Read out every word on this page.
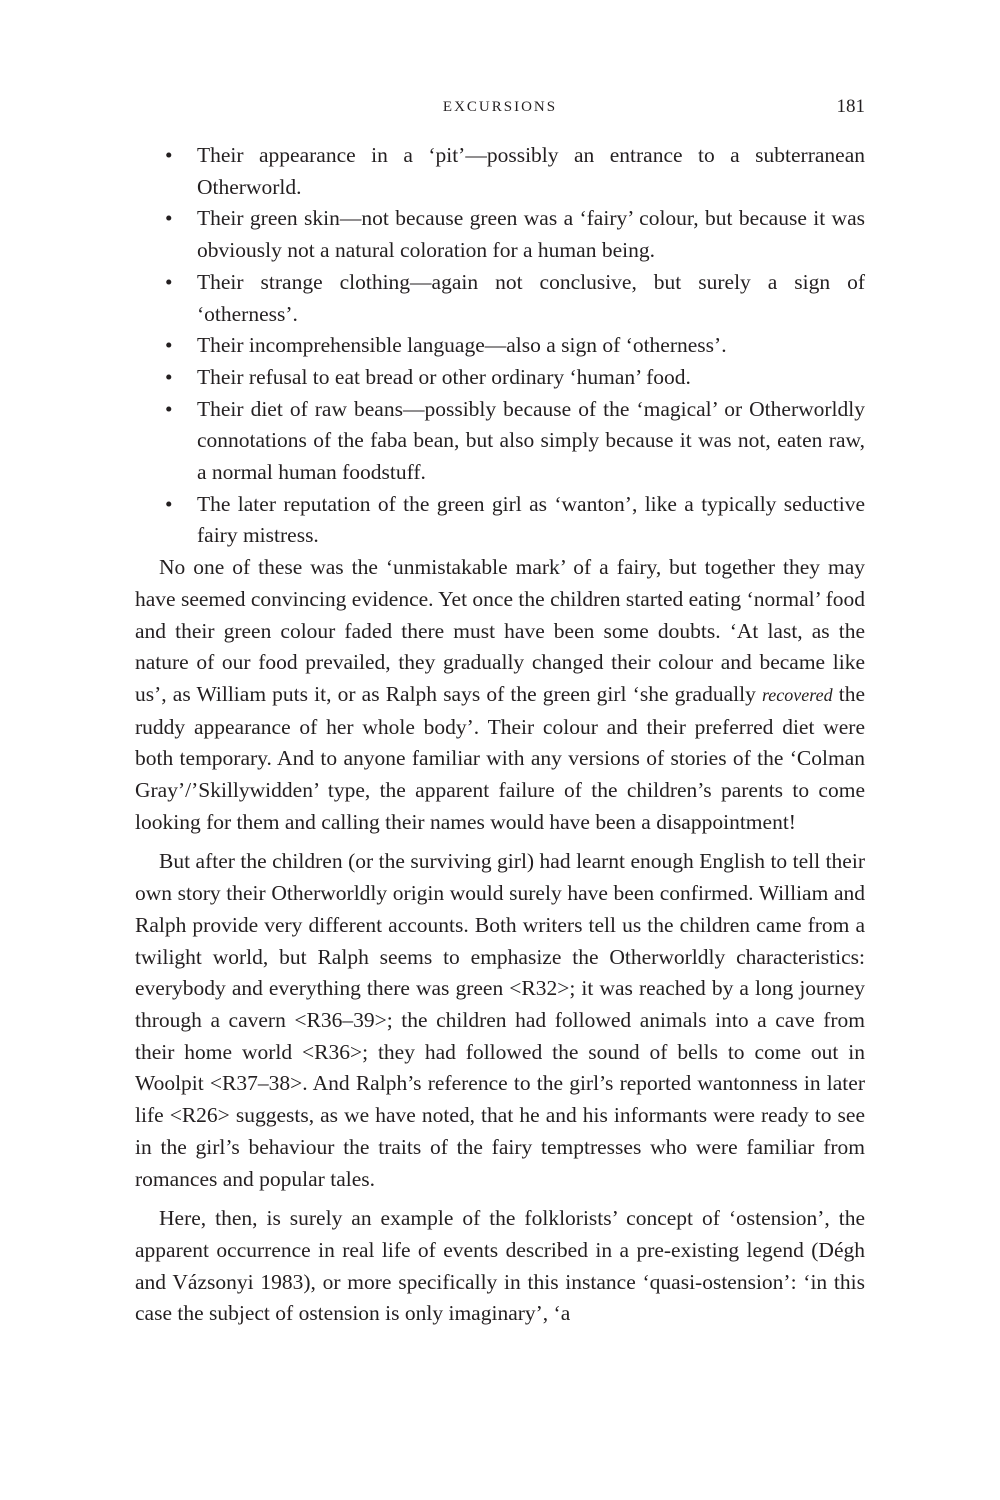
EXCURSIONS	181
• Their appearance in a ‘pit’—possibly an entrance to a subterranean Otherworld.
• Their green skin—not because green was a ‘fairy’ colour, but because it was obviously not a natural coloration for a human being.
• Their strange clothing—again not conclusive, but surely a sign of ‘otherness’.
• Their incomprehensible language—also a sign of ‘otherness’.
• Their refusal to eat bread or other ordinary ‘human’ food.
• Their diet of raw beans—possibly because of the ‘magical’ or Otherworldly connotations of the faba bean, but also simply because it was not, eaten raw, a normal human foodstuff.
• The later reputation of the green girl as ‘wanton’, like a typically seductive fairy mistress.

No one of these was the ‘unmistakable mark’ of a fairy, but together they may have seemed convincing evidence. Yet once the children started eating ‘normal’ food and their green colour faded there must have been some doubts. ‘At last, as the nature of our food prevailed, they gradually changed their colour and became like us’, as William puts it, or as Ralph says of the green girl ‘she gradually recovered the ruddy appearance of her whole body’. Their colour and their preferred diet were both temporary. And to anyone familiar with any versions of stories of the ‘Colman Gray’/’Skillywidden’ type, the apparent failure of the children’s parents to come looking for them and calling their names would have been a disappointment!

But after the children (or the surviving girl) had learnt enough English to tell their own story their Otherworldly origin would surely have been confirmed. William and Ralph provide very different accounts. Both writers tell us the children came from a twilight world, but Ralph seems to emphasize the Otherworldly characteristics: everybody and everything there was green <R32>; it was reached by a long journey through a cavern <R36–39>; the children had followed animals into a cave from their home world <R36>; they had followed the sound of bells to come out in Woolpit <R37–38>. And Ralph’s reference to the girl’s reported wantonness in later life <R26> suggests, as we have noted, that he and his informants were ready to see in the girl’s behaviour the traits of the fairy temptresses who were familiar from romances and popular tales.

Here, then, is surely an example of the folklorists’ concept of ‘ostension’, the apparent occurrence in real life of events described in a pre-existing legend (Dégh and Vázsonyi 1983), or more specifically in this instance ‘quasi-ostension’: ‘in this case the subject of ostension is only imaginary’, ‘a
